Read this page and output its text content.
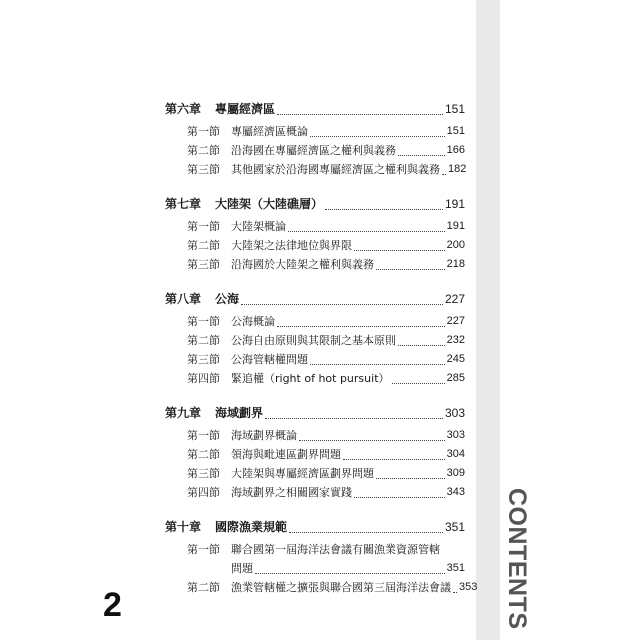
CONTENTS
2
第六章	專屬經濟區	151
第一節	專屬經濟區概論	151
第二節	沿海國在專屬經濟區之權利與義務	166
第三節	其他國家於沿海國專屬經濟區之權利與義務 182
第七章	大陸架（大陸礁層）	191
第一節	大陸架概論	191
第二節	大陸架之法律地位與界限	200
第三節	沿海國於大陸架之權利與義務	218
第八章	公海	227
第一節	公海概論	227
第二節	公海自由原則與其限制之基本原則	232
第三節	公海管轄權問題	245
第四節	緊追權（right of hot pursuit）	285
第九章	海域劃界	303
第一節	海域劃界概論	303
第二節	領海與毗連區劃界問題	304
第三節	大陸架與專屬經濟區劃界問題	309
第四節	海域劃界之相關國家實踐	343
第十章	國際漁業規範	351
第一節	聯合國第一屆海洋法會議有關漁業資源管轄
問題	351
第二節	漁業管轄權之擴張與聯合國第三屆海洋法會議 353
